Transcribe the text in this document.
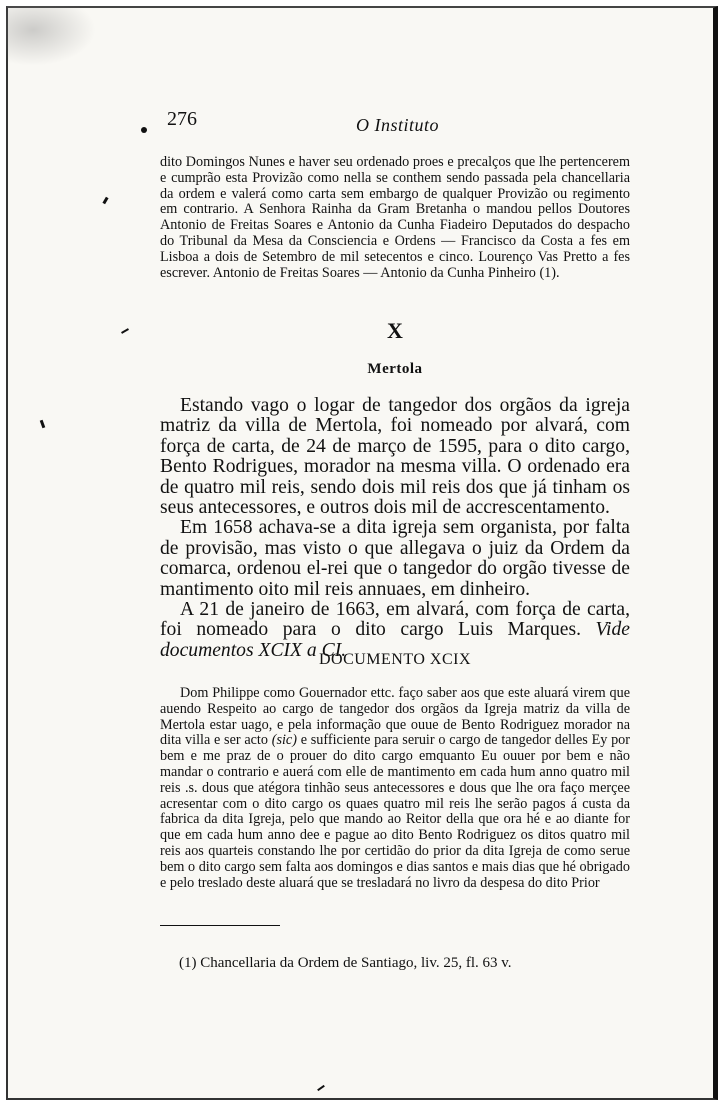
276	O Instituto

dito Domingos Nunes e haver seu ordenado proes e precalços que lhe pertencerem e cumprão esta Provizão como nella se conthem sendo passada pela chancellaria da ordem e valerá como carta sem embargo de qualquer Provizão ou regimento em contrario. A Senhora Rainha da Gram Bretanha o mandou pellos Doutores Antonio de Freitas Soares e Antonio da Cunha Fiadeiro Deputados do despacho do Tribunal da Mesa da Consciencia e Ordens — Francisco da Costa a fes em Lisboa a dois de Setembro de mil setecentos e cinco. Lourenço Vas Pretto a fes escrever. Antonio de Freitas Soares — Antonio da Cunha Pinheiro (1).

X
Mertola

Estando vago o logar de tangedor dos orgãos da igreja matriz da villa de Mertola, foi nomeado por alvará, com força de carta, de 24 de março de 1595, para o dito cargo, Bento Rodrigues, morador na mesma villa. O ordenado era de quatro mil reis, sendo dois mil reis dos que já tinham os seus antecessores, e outros dois mil de accrescentamento.

Em 1658 achava-se a dita igreja sem organista, por falta de provisão, mas visto o que allegava o juiz da Ordem da comarca, ordenou el-rei que o tangedor do orgão tivesse de mantimento oito mil reis annuaes, em dinheiro.

A 21 de janeiro de 1663, em alvará, com força de carta, foi nomeado para o dito cargo Luis Marques. Vide documentos XCIX a CI.

DOCUMENTO XCIX

Dom Philippe como Gouernador ettc. faço saber aos que este aluará virem que auendo Respeito ao cargo de tangedor dos orgãos da Igreja matriz da villa de Mertola estar uago, e pela informação que ouue de Bento Rodriguez morador na dita villa e ser acto (sic) e sufficiente para seruir o cargo de tangedor delles Ey por bem e me praz de o prouer do dito cargo emquanto Eu ouuer por bem e não mandar o contrario e auerá com elle de mantimento em cada hum anno quatro mil reis .s. dous que atégora tinhão seus antecessores e dous que lhe ora faço merçee acresentar com o dito cargo os quaes quatro mil reis lhe serão pagos á custa da fabrica da dita Igreja, pelo que mando ao Reitor della que ora hé e ao diante for que em cada hum anno dee e pague ao dito Bento Rodriguez os ditos quatro mil reis aos quarteis constando lhe por certidão do prior da dita Igreja de como serue bem o dito cargo sem falta aos domingos e dias santos e mais dias que hé obrigado e pelo treslado deste aluará que se tresladará no livro da despesa do dito Prior

(1) Chancellaria da Ordem de Santiago, liv. 25, fl. 63 v.
